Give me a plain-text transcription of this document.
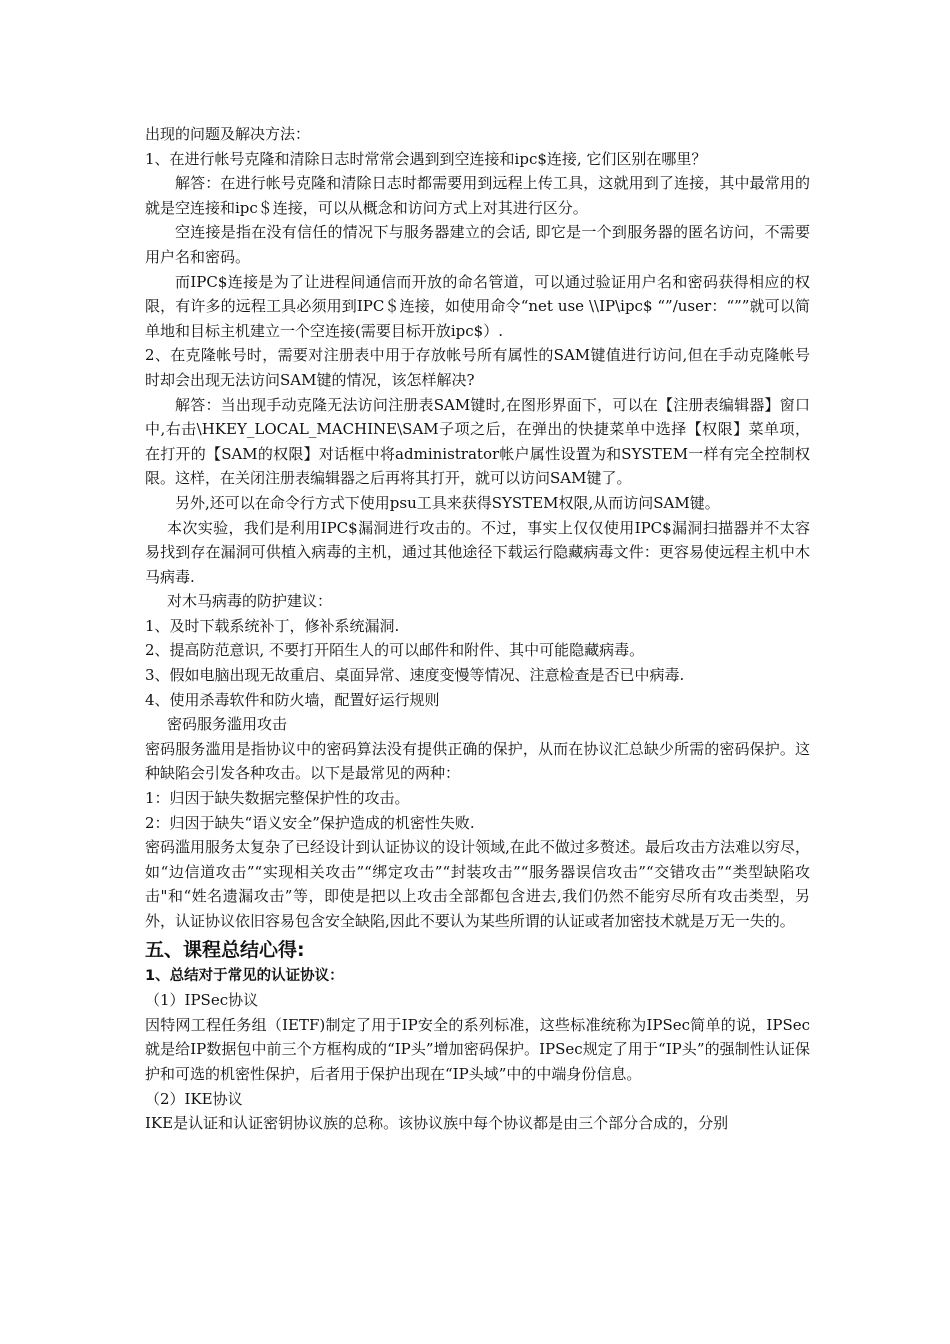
出现的问题及解决方法：

1、在进行帐号克隆和清除日志时常常会遇到到空连接和ipc$连接, 它们区别在哪里？

解答：在进行帐号克隆和清除日志时都需要用到远程上传工具，这就用到了连接，其中最常用的就是空连接和ipc＄连接，可以从概念和访问方式上对其进行区分。

空连接是指在没有信任的情况下与服务器建立的会话, 即它是一个到服务器的匿名访问，不需要用户名和密码。

而IPC$连接是为了让进程间通信而开放的命名管道，可以通过验证用户名和密码获得相应的权限，有许多的远程工具必须用到IPC＄连接，如使用命令“net use \\IP\ipc$ “”/user：“””就可以简单地和目标主机建立一个空连接(需要目标开放ipc$）.

2、在克隆帐号时，需要对注册表中用于存放帐号所有属性的SAM键值进行访问,但在手动克隆帐号时却会出现无法访问SAM键的情况，该怎样解决?

解答：当出现手动克隆无法访问注册表SAM键时,在图形界面下，可以在【注册表编辑器】窗口中,右击\HKEY_LOCAL_MACHINE\SAM子项之后，在弹出的快捷菜单中选择【权限】菜单项，在打开的【SAM的权限】对话框中将administrator帐户属性设置为和SYSTEM一样有完全控制权限。这样，在关闭注册表编辑器之后再将其打开，就可以访问SAM键了。

另外,还可以在命令行方式下使用psu工具来获得SYSTEM权限,从而访问SAM键。

本次实验，我们是利用IPC$漏洞进行攻击的。不过，事实上仅仅使用IPC$漏洞扫描器并不太容易找到存在漏洞可供植入病毒的主机，通过其他途径下载运行隐藏病毒文件：更容易使远程主机中木马病毒.

对木马病毒的防护建议：

1、及时下载系统补丁，修补系统漏洞.

2、提高防范意识, 不要打开陌生人的可以邮件和附件、其中可能隐藏病毒。

3、假如电脑出现无故重启、桌面异常、速度变慢等情况、注意检查是否已中病毒.

4、使用杀毒软件和防火墙，配置好运行规则

密码服务滥用攻击

密码服务滥用是指协议中的密码算法没有提供正确的保护，从而在协议汇总缺少所需的密码保护。这种缺陷会引发各种攻击。以下是最常见的两种：

1：归因于缺失数据完整保护性的攻击。

2：归因于缺失“语义安全”保护造成的机密性失败.

密码滥用服务太复杂了已经设计到认证协议的设计领域,在此不做过多赘述。最后攻击方法难以穷尽，如“边信道攻击”“实现相关攻击”“绑定攻击”“封装攻击”“服务器误信攻击”“交错攻击”“类型缺陷攻击"和“姓名遗漏攻击”等，即使是把以上攻击全部都包含进去,我们仍然不能穷尽所有攻击类型，另外，认证协议依旧容易包含安全缺陷,因此不要认为某些所谓的认证或者加密技术就是万无一失的。

五、课程总结心得:

1、总结对于常见的认证协议：

（1）IPSec协议

因特网工程任务组（IETF)制定了用于IP安全的系列标准，这些标准统称为IPSec简单的说，IPSec就是给IP数据包中前三个方框构成的“IP头”增加密码保护。IPSec规定了用于“IP头”的强制性认证保护和可选的机密性保护，后者用于保护出现在“IP头域”中的中端身份信息。

（2）IKE协议

IKE是认证和认证密钥协议族的总称。该协议族中每个协议都是由三个部分合成的，分别
